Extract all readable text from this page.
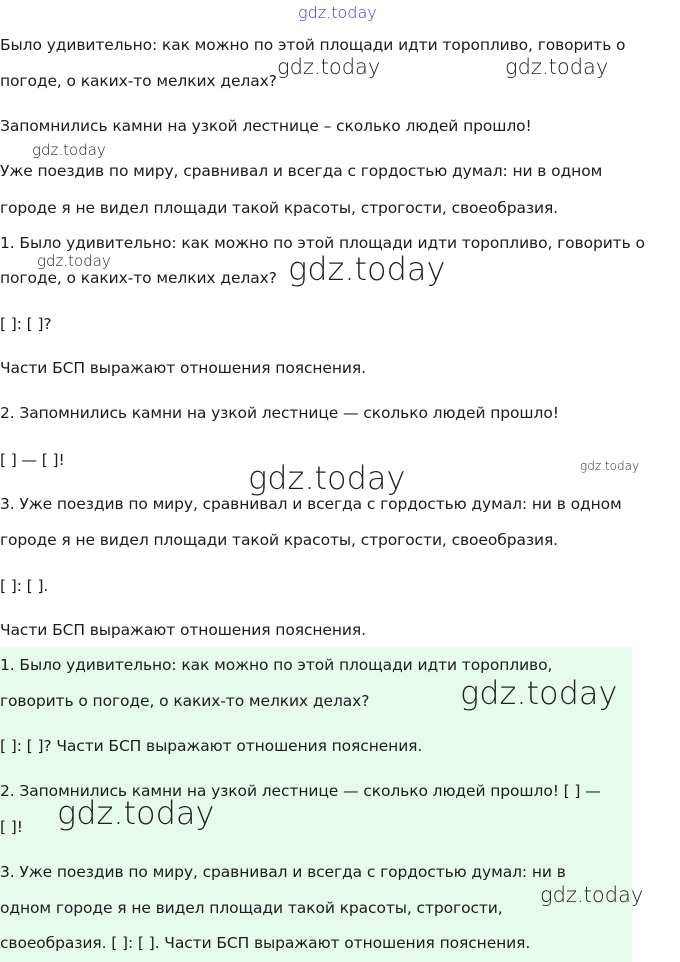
gdz.today
Было удивительно: как можно по этой площади идти торопливо, говорить о
погоде, о каких-то мелких делах?
Запомнились камни на узкой лестнице – сколько людей прошло!
Уже поездив по миру, сравнивал и всегда с гордостью думал: ни в одном
городе я не видел площади такой красоты, строгости, своеобразия.
1. Было удивительно: как можно по этой площади идти торопливо, говорить о
погоде, о каких-то мелких делах?
[ ]: [ ]?
Части БСП выражают отношения пояснения.
2. Запомнились камни на узкой лестнице — сколько людей прошло!
[ ] — [ ]!
3. Уже поездив по миру, сравнивал и всегда с гордостью думал: ни в одном
городе я не видел площади такой красоты, строгости, своеобразия.
[ ]: [ ].
Части БСП выражают отношения пояснения.
1. Было удивительно: как можно по этой площади идти торопливо,
говорить о погоде, о каких-то мелких делах?
[ ]: [ ]? Части БСП выражают отношения пояснения.
2. Запомнились камни на узкой лестнице — сколько людей прошло! [ ] —
[ ]!
3. Уже поездив по миру, сравнивал и всегда с гордостью думал: ни в
одном городе я не видел площади такой красоты, строгости,
своеобразия. [ ]: [ ]. Части БСП выражают отношения пояснения.
gdz.today	gdz.today
gdz.today
gdz.today	gdz.today
gdz.today	gdz.today
gdz.today
gdz.today
gdz.today
